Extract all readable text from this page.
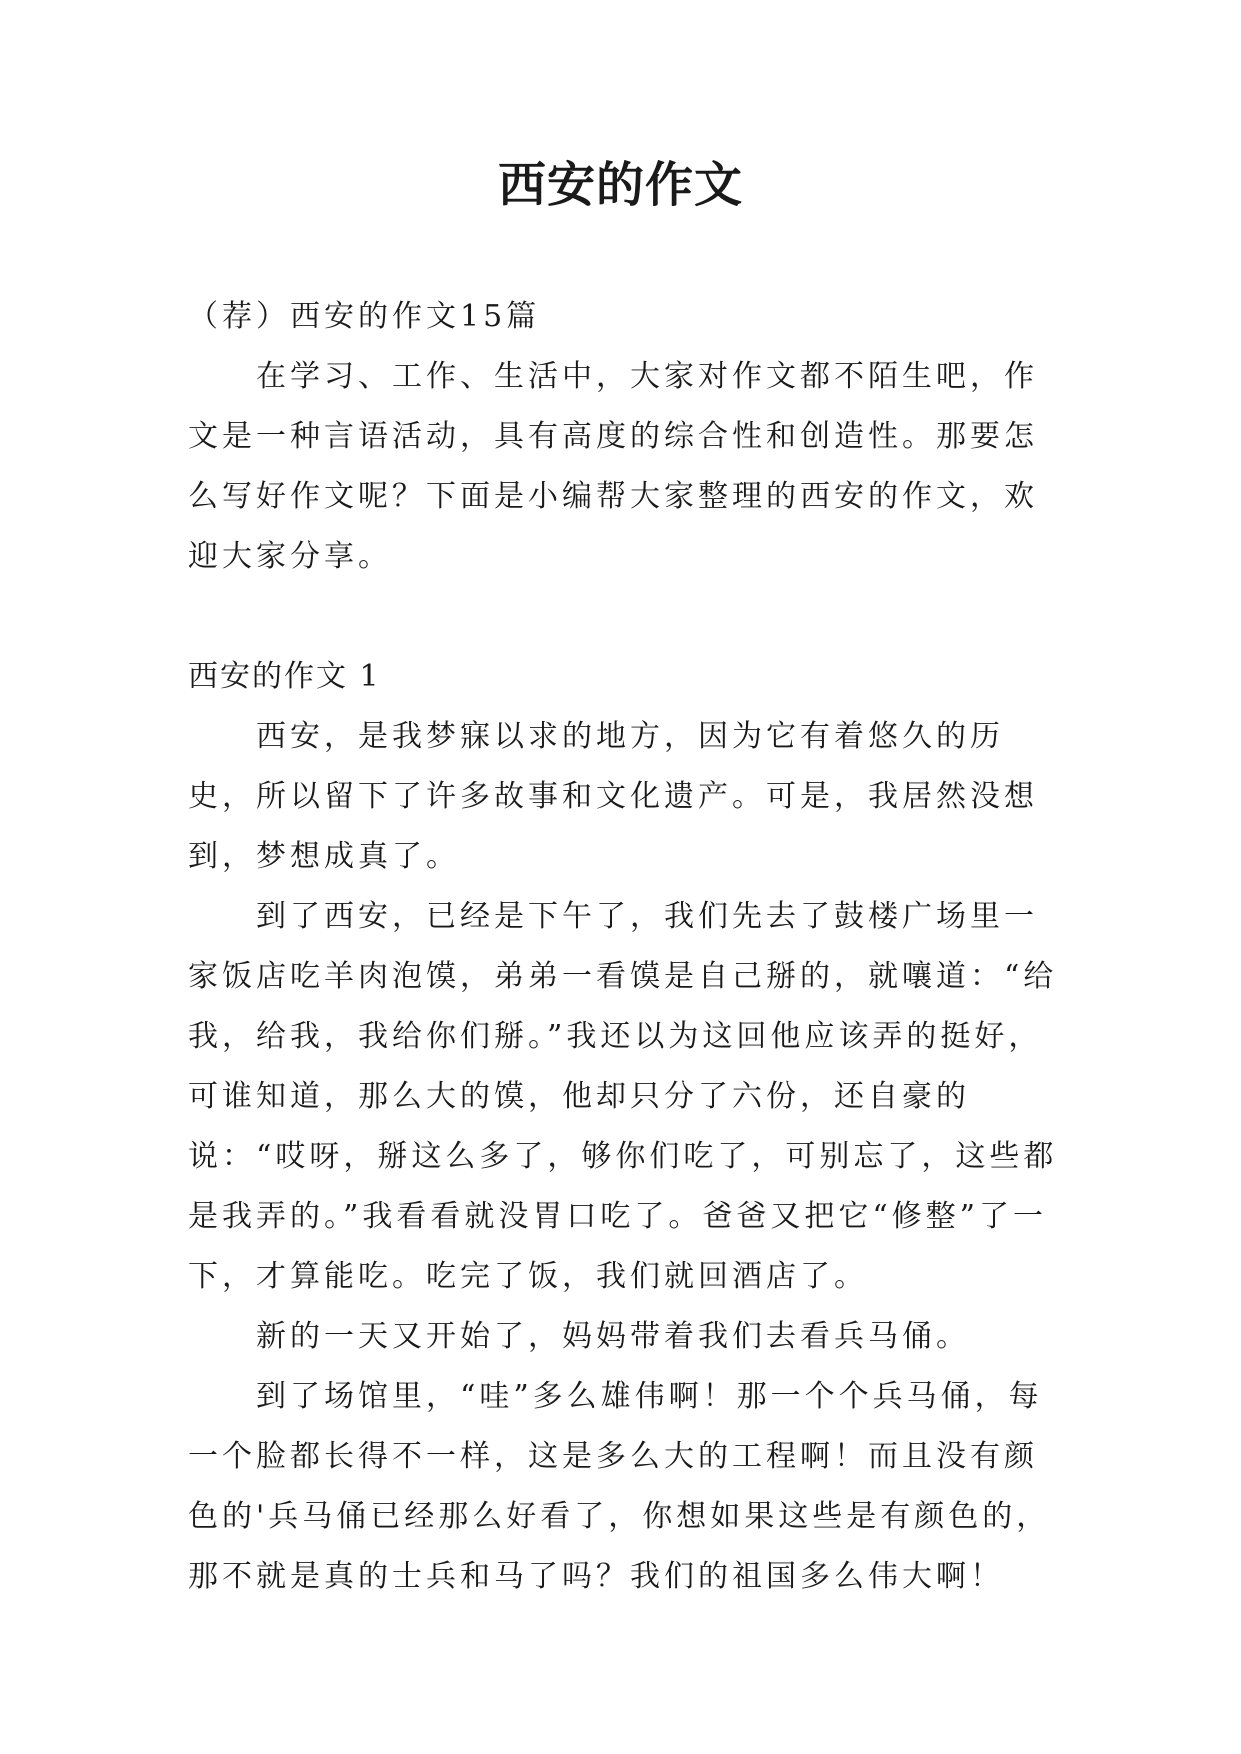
西安的作文

（荐）西安的作文15篇

在学习、工作、生活中，大家对作文都不陌生吧，作文是一种言语活动，具有高度的综合性和创造性。那要怎么写好作文呢？下面是小编帮大家整理的西安的作文，欢迎大家分享。

西安的作文 1

西安，是我梦寐以求的地方，因为它有着悠久的历史，所以留下了许多故事和文化遗产。可是，我居然没想到，梦想成真了。

到了西安，已经是下午了，我们先去了鼓楼广场里一家饭店吃羊肉泡馍，弟弟一看馍是自己掰的，就嚷道：“给我，给我，我给你们掰。”我还以为这回他应该弄的挺好，可谁知道，那么大的馍，他却只分了六份，还自豪的说：“哎呀，掰这么多了，够你们吃了，可别忘了，这些都是我弄的。”我看看就没胃口吃了。爸爸又把它“修整”了一下，才算能吃。吃完了饭，我们就回酒店了。

新的一天又开始了，妈妈带着我们去看兵马俑。

到了场馆里，“哇”多么雄伟啊！那一个个兵马俑，每一个脸都长得不一样，这是多么大的工程啊！而且没有颜色的'兵马俑已经那么好看了，你想如果这些是有颜色的，那不就是真的士兵和马了吗？我们的祖国多么伟大啊！
